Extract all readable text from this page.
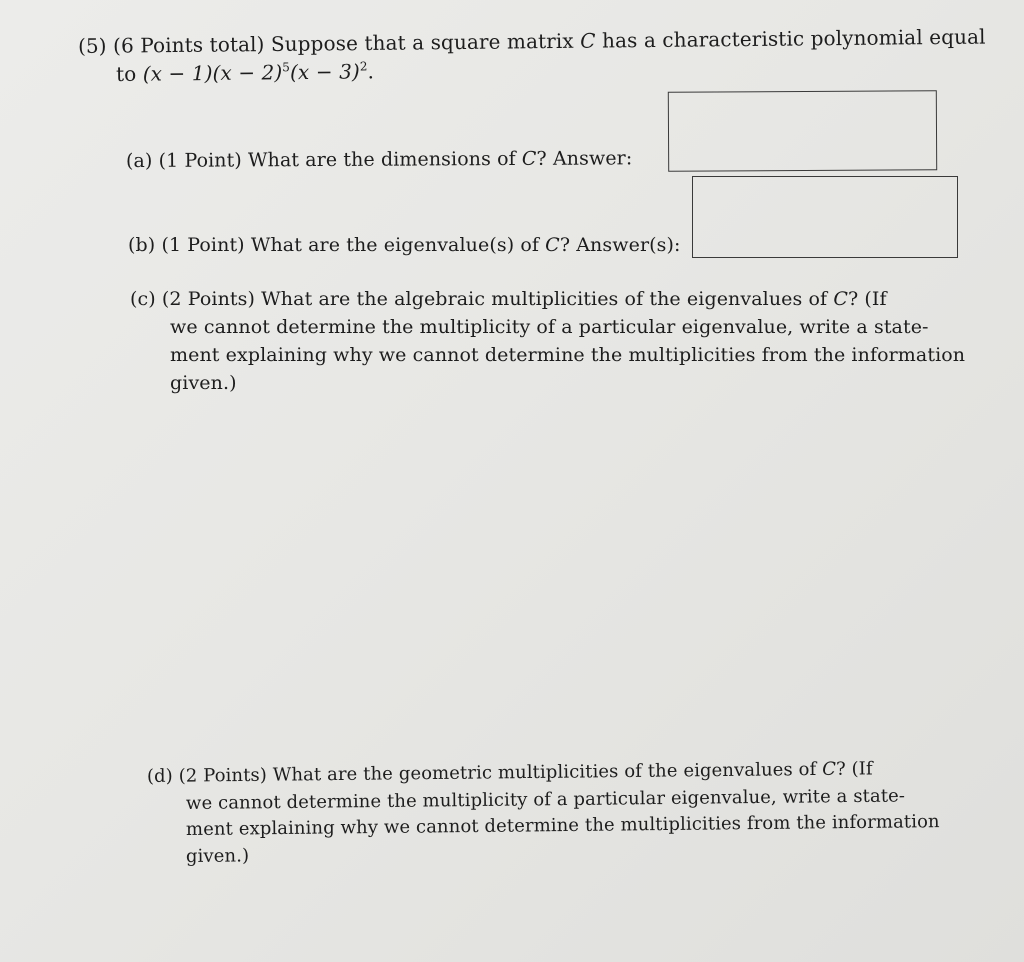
(5) (6 Points total) Suppose that a square matrix C has a characteristic polynomial equal
to $(x - 1)(x - 2)^5(x - 3)^2$.
(a) (1 Point) What are the dimensions of C? Answer:
(b) (1 Point) What are the eigenvalue(s) of C? Answer(s):
(c) (2 Points) What are the algebraic multiplicities of the eigenvalues of C? (If
we cannot determine the multiplicity of a particular eigenvalue, write a state-
ment explaining why we cannot determine the multiplicities from the information
given.)
(d) (2 Points) What are the geometric multiplicities of the eigenvalues of C? (If
we cannot determine the multiplicity of a particular eigenvalue, write a state-
ment explaining why we cannot determine the multiplicities from the information
given.)
